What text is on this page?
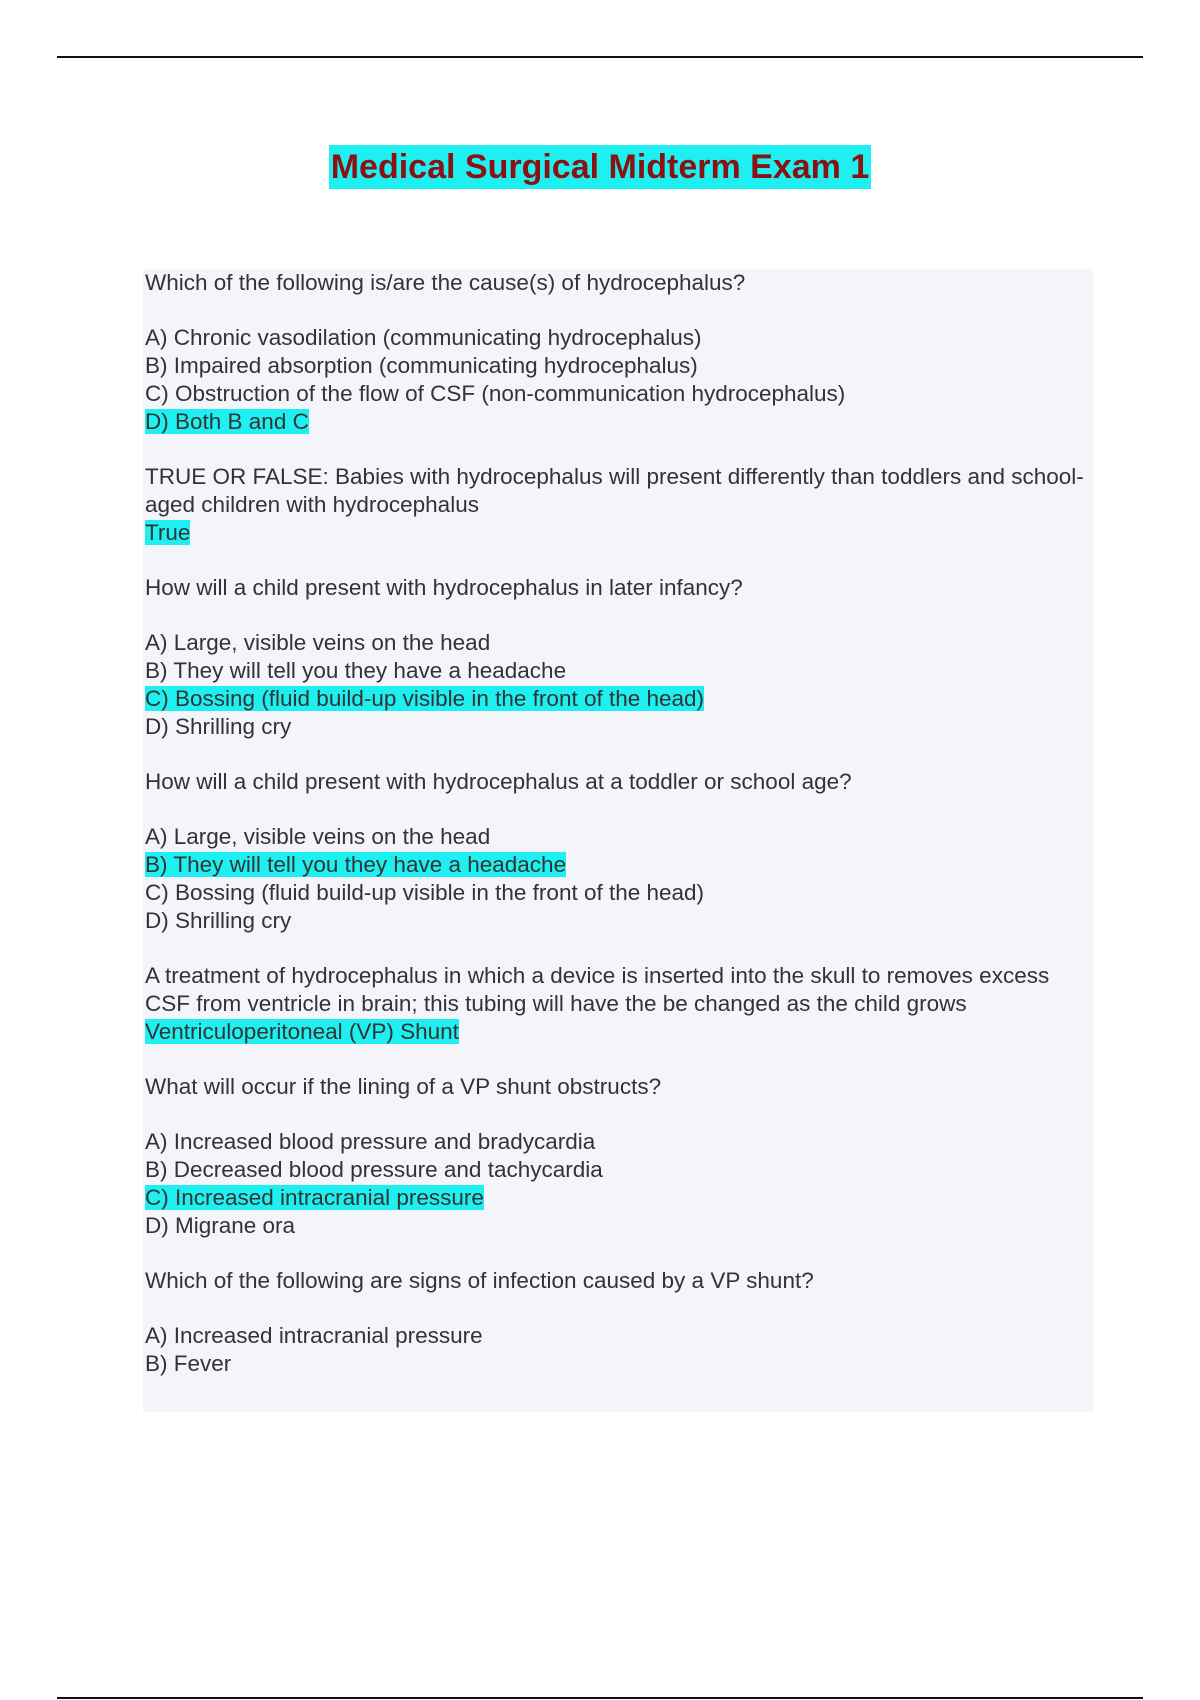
Medical Surgical Midterm Exam 1

Which of the following is/are the cause(s) of hydrocephalus?

A) Chronic vasodilation (communicating hydrocephalus)
B) Impaired absorption (communicating hydrocephalus)
C) Obstruction of the flow of CSF (non-communication hydrocephalus)
D) Both B and C

TRUE OR FALSE: Babies with hydrocephalus will present differently than toddlers and school-aged children with hydrocephalus

True

How will a child present with hydrocephalus in later infancy?

A) Large, visible veins on the head
B) They will tell you they have a headache
C) Bossing (fluid build-up visible in the front of the head)
D) Shrilling cry

How will a child present with hydrocephalus at a toddler or school age?

A) Large, visible veins on the head
B) They will tell you they have a headache
C) Bossing (fluid build-up visible in the front of the head)
D) Shrilling cry

A treatment of hydrocephalus in which a device is inserted into the skull to removes excess CSF from ventricle in brain; this tubing will have the be changed as the child grows

Ventriculoperitoneal (VP) Shunt

What will occur if the lining of a VP shunt obstructs?

A) Increased blood pressure and bradycardia
B) Decreased blood pressure and tachycardia
C) Increased intracranial pressure
D) Migrane ora

Which of the following are signs of infection caused by a VP shunt?

A) Increased intracranial pressure
B) Fever
